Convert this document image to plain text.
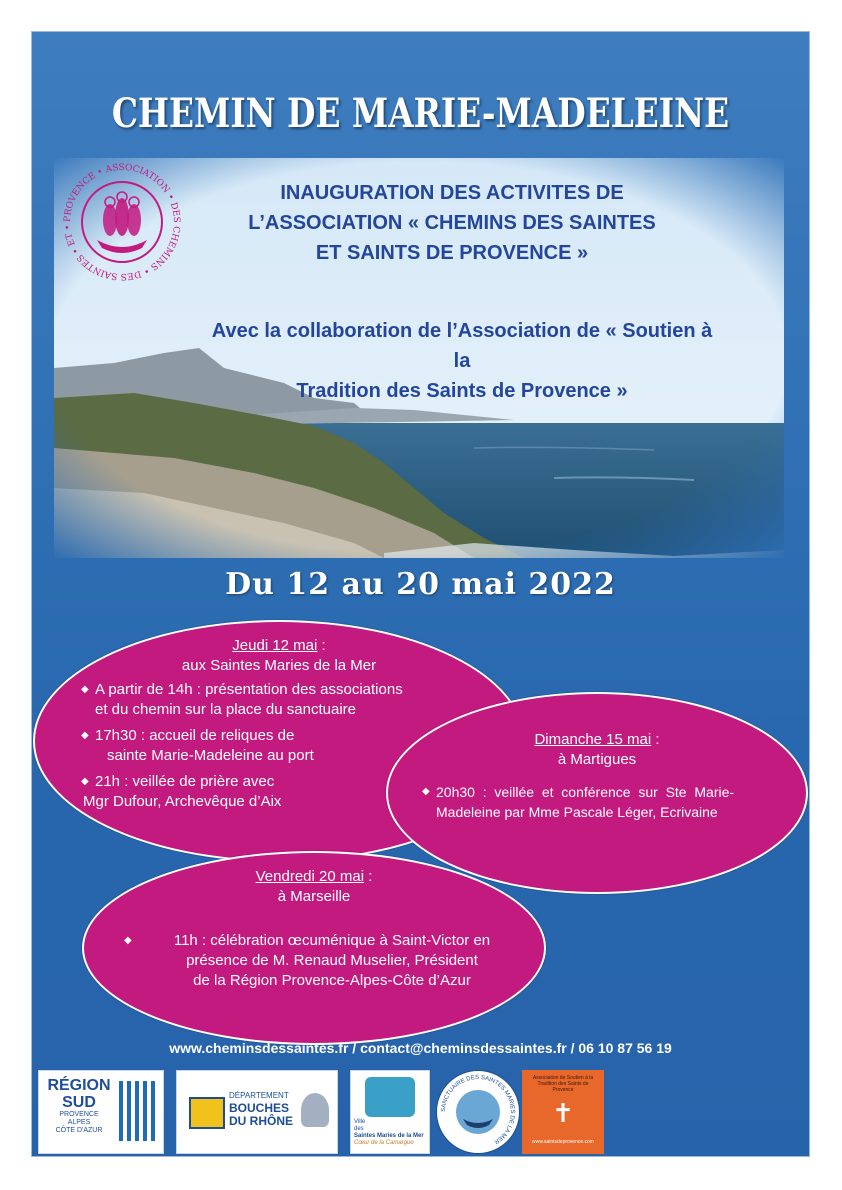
CHEMIN DE MARIE-MADELEINE
PROVENCE • ASSOCIATION • DES CHEMINS • DES SAINTES • ET •
INAUGURATION DES ACTIVITES DE
L’ASSOCIATION « CHEMINS DES SAINTES
ET SAINTS DE PROVENCE »
Avec la collaboration de l’Association de « Soutien à la
Tradition des Saints de Provence »
Du 12 au 20 mai 2022
Jeudi 12 mai :
aux Saintes Maries de la Mer
◆ A partir de 14h : présentation des associations
et du chemin sur la place du sanctuaire
◆ 17h30 : accueil de reliques de
sainte Marie-Madeleine au port
◆ 21h : veillée de prière avec
Mgr Dufour, Archevêque d’Aix
Dimanche 15 mai :
à Martigues
◆ 20h30  :  veillée  et  conférence  sur  Ste  Marie-
Madeleine par Mme Pascale Léger, Ecrivaine
Vendredi 20 mai :
à Marseille
◆	11h : célébration œcuménique à Saint-Victor en
présence de M. Renaud Muselier, Président
de la Région Provence-Alpes-Côte d’Azur
www.cheminsdessaintes.fr / contact@cheminsdessaintes.fr / 06 10 87 56 19
RÉGION
SUD
PROVENCE
ALPES
CÔTE D'AZUR
DÉPARTEMENT
BOUCHES
DU RHÔNE	Ville
des
Saintes Maries de la Mer
Cœur de la Camargue
SANCTUAIRE DES SAINTES MARIES DE LA MER
Association de Soutien à la Tradition des Saints de Provence
✝
www.saintsdeprovence.com
